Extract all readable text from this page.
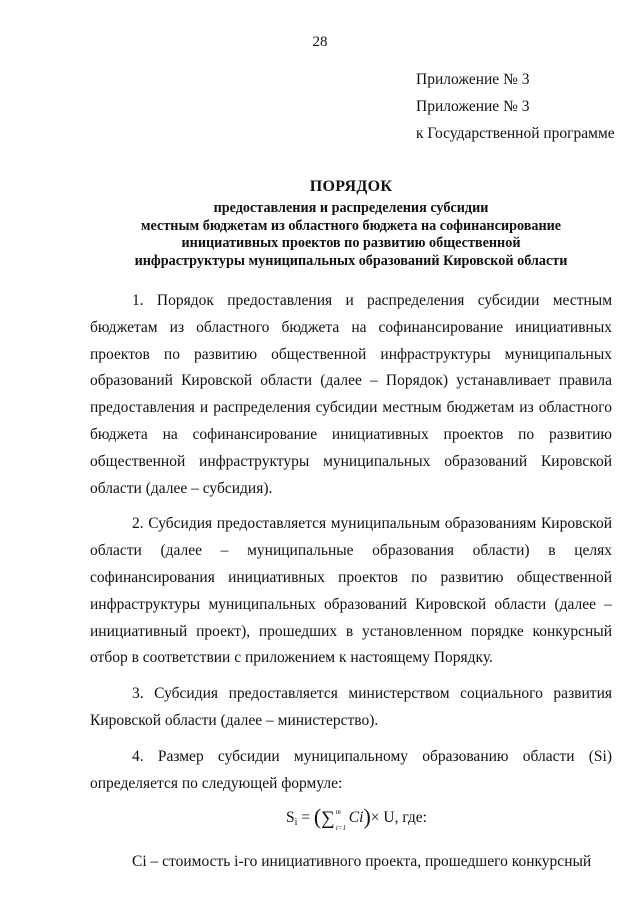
28
Приложение № 3
Приложение № 3
к Государственной программе
ПОРЯДОК
предоставления и распределения субсидии
местным бюджетам из областного бюджета на софинансирование
инициативных проектов по развитию общественной
инфраструктуры муниципальных образований Кировской области

1. Порядок предоставления и распределения субсидии местным бюджетам из областного бюджета на софинансирование инициативных проектов по развитию общественной инфраструктуры муниципальных образований Кировской области (далее – Порядок) устанавливает правила предоставления и распределения субсидии местным бюджетам из областного бюджета на софинансирование инициативных проектов по развитию общественной инфраструктуры муниципальных образований Кировской области (далее – субсидия).

2. Субсидия предоставляется муниципальным образованиям Кировской области (далее – муниципальные образования области) в целях софинансирования инициативных проектов по развитию общественной инфраструктуры муниципальных образований Кировской области (далее – инициативный проект), прошедших в установленном порядке конкурсный отбор в соответствии с приложением к настоящему Порядку.

3. Субсидия предоставляется министерством социального развития Кировской области (далее – министерство).

4. Размер субсидии муниципальному образованию области (Si) определяется по следующей формуле:

$S_i$ = (∑ m
i=1
Ci)× U, где:

Ci – стоимость i-го инициативного проекта, прошедшего конкурсный
